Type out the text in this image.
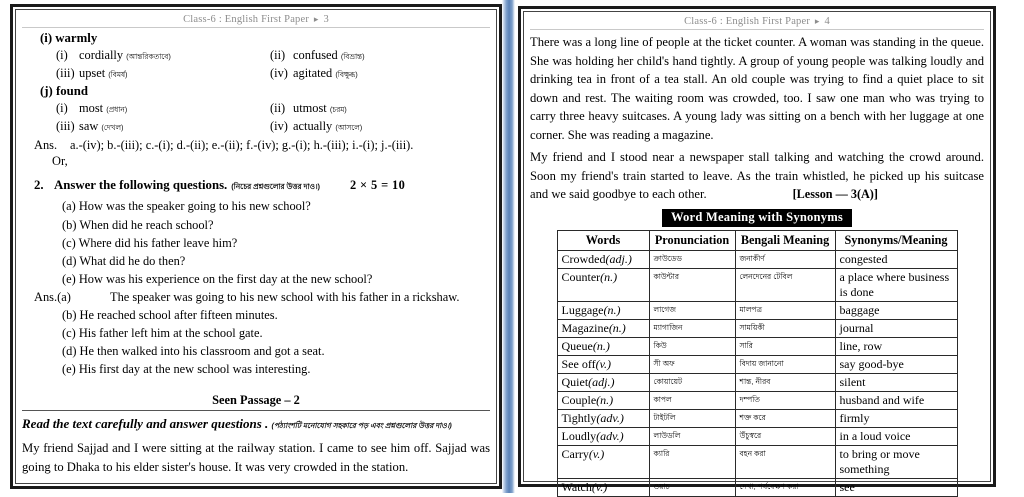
Class-6 : English First Paper ▸ 3
(i) warmly
(i) cordially (আন্তরিকতাবে)	(ii) confused (বিভ্রান্ত)
(iii) upset (বিমর্ষ)	(iv) agitated (বিক্ষুব্ধ)
(j) found
(i) most (প্রধান)	(ii) utmost (চরম)
(iii) saw (দেখল)	(iv) actually (আসলে)
Ans. a.-(iv); b.-(iii); c.-(i); d.-(ii); e.-(ii); f.-(iv); g.-(i); h.-(iii); i.-(i); j.-(iii).
Or,
2. Answer the following questions. (নিচের প্রশ্নগুলোর উত্তর দাও।) 2 × 5 = 10
(a) How was the speaker going to his new school?
(b) When did he reach school?
(c) Where did his father leave him?
(d) What did he do then?
(e) How was his experience on the first day at the new school?
Ans.(a)	The speaker was going to his new school with his father in a rickshaw.
(b) He reached school after fifteen minutes.
(c) His father left him at the school gate.
(d) He then walked into his classroom and got a seat.
(e) His first day at the new school was interesting.
Seen Passage – 2
Read the text carefully and answer questions . (পঠ্যাংশটি মনোযোগ সহকারে পড় এবং প্রশ্নগুলোর উত্তর দাও।)
My friend Sajjad and I were sitting at the railway station. I came to see him off. Sajjad was going to Dhaka to his elder sister's house. It was very crowded in the station.
Class-6 : English First Paper ▸ 4
There was a long line of people at the ticket counter. A woman was standing in the queue. She was holding her child's hand tightly. A group of young people was talking loudly and drinking tea in front of a tea stall. An old couple was trying to find a quiet place to sit down and rest. The waiting room was crowded, too. I saw one man who was trying to carry three heavy suitcases. A young lady was sitting on a bench with her luggage at one corner. She was reading a magazine.
My friend and I stood near a newspaper stall talking and watching the crowd around. Soon my friend's train started to leave. As the train whistled, he picked up his suitcase and we said goodbye to each other.	[Lesson — 3(A)]
Word Meaning with Synonyms
Words	Pronunciation	Bengali Meaning	Synonyms/Meaning
Crowded(adj.)	ক্রাউডেড	জনাকীর্ণ	congested
Counter(n.)	কাউন্টার	লেনদেনের টেবিল	a place where business is done
Luggage(n.)	লাগেজ	মালপত্র	baggage
Magazine(n.)	ম্যাগাজিন	সাময়িকী	journal
Queue(n.)	কিউ	সারি	line, row
See off(v.)	সী অফ	বিদায় জানানো	say good-bye
Quiet(adj.)	কোয়ায়েট	শান্ত, নীরব	silent
Couple(n.)	কাপল	দম্পতি	husband and wife
Tightly(adv.)	টাইটলি	শক্ত করে	firmly
Loudly(adv.)	লাউডলি	উঁচুস্বরে	in a loud voice
Carry(v.)	ক্যারি	বহন করা	to bring or move something
Watch(v.)	ওয়াচ	দেখা, পর্যবেক্ষণ করা	see
